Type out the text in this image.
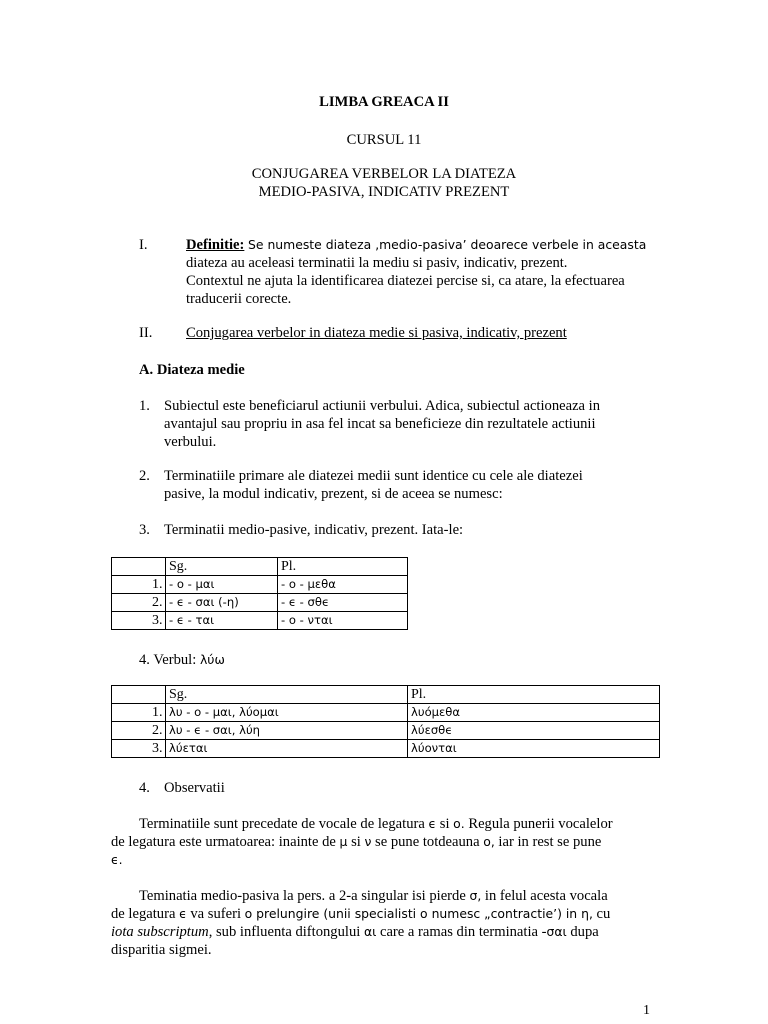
LIMBA GREACA II
CURSUL 11
CONJUGAREA VERBELOR LA DIATEZA
MEDIO-PASIVA, INDICATIV PREZENT
I.	Definitie: Se numeste diateza ‚medio-pasiva’ deoarece verbele in aceasta
diateza au aceleasi terminatii la mediu si pasiv, indicativ, prezent.
Contextul ne ajuta la identificarea diatezei percise si, ca atare, la efectuarea
traducerii corecte.
II. Conjugarea verbelor in diateza medie si pasiva, indicativ, prezent
A. Diateza medie
1. Subiectul este beneficiarul actiunii verbului. Adica, subiectul actioneaza in
avantajul sau propriu in asa fel incat sa beneficieze din rezultatele actiunii
verbului.
2. Terminatiile primare ale diatezei medii sunt identice cu cele ale diatezei
pasive, la modul indicativ, prezent, si de aceea se numesc:
3. Terminatii medio-pasive, indicativ, prezent. Iata-le:
	Sg.	Pl.
1.	- ο - μαι	- ο - μεθα
2.	- ϵ - σαι (-η)	- ϵ - σθϵ
3.	- ϵ - ται	- ο - νται
4. Verbul: λύω
	Sg.	Pl.
1.	λυ - ο - μαι, λύομαι	λυόμεθα
2.	λυ - ϵ - σαι, λύη	λύεσθϵ
3.	λύεται	λύονται
4. Observatii
Terminatiile sunt precedate de vocale de legatura ϵ si ο. Regula punerii vocalelor
de legatura este urmatoarea: inainte de μ si ν se pune totdeauna ο, iar in rest se pune
ϵ.
Teminatia medio-pasiva la pers. a 2-a singular isi pierde σ, in felul acesta vocala
de legatura ϵ va suferi o prelungire (unii specialisti o numesc „contractie’) in η, cu
iota subscriptum, sub influenta diftongului αι care a ramas din terminatia -σαι dupa
disparitia sigmei.
1
